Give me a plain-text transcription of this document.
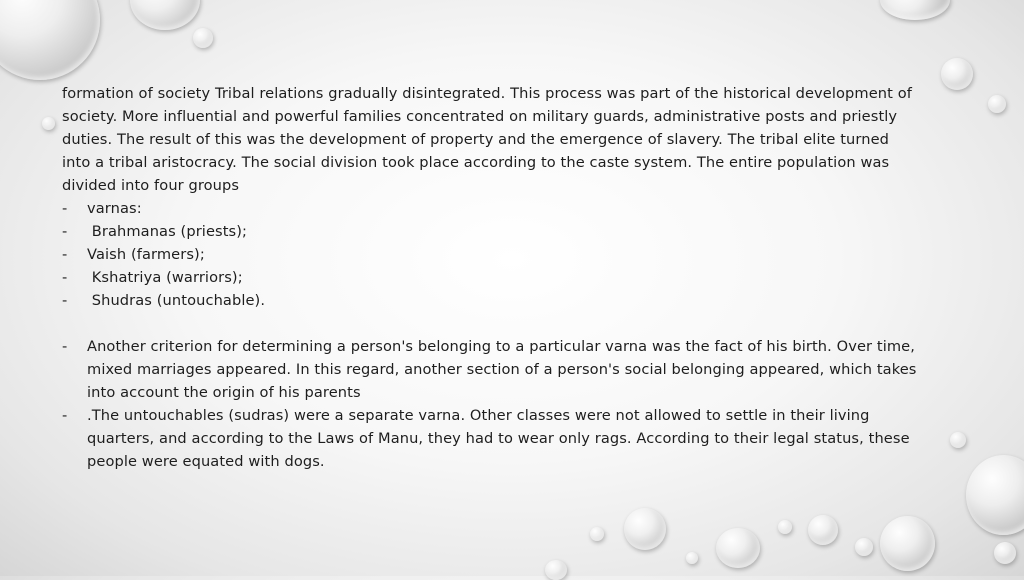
formation of society Tribal relations gradually disintegrated. This process was part of the historical development of society. More influential and powerful families concentrated on military guards, administrative posts and priestly duties. The result of this was the development of property and the emergence of slavery. The tribal elite turned into a tribal aristocracy. The social division took place according to the caste system. The entire population was divided into four groups

- varnas:
- Brahmanas (priests);
- Vaish (farmers);
- Kshatriya (warriors);
- Shudras (untouchable).
- Another criterion for determining a person's belonging to a particular varna was the fact of his birth. Over time, mixed marriages appeared. In this regard, another section of a person's social belonging appeared, which takes into account the origin of his parents
- .The untouchables (sudras) were a separate varna. Other classes were not allowed to settle in their living quarters, and according to the Laws of Manu, they had to wear only rags. According to their legal status, these people were equated with dogs.
